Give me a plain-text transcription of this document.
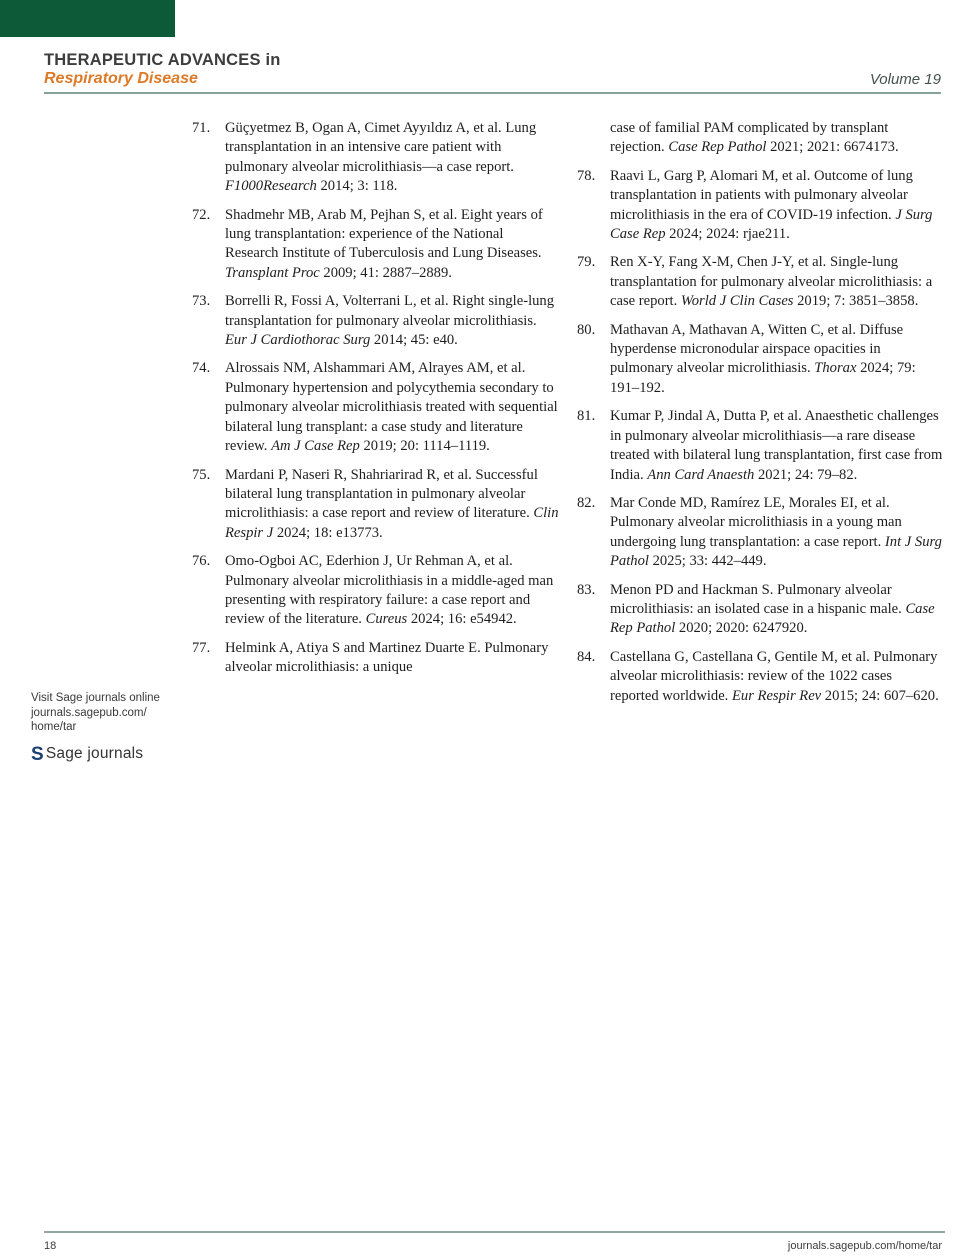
THERAPEUTIC ADVANCES in
Respiratory Disease	Volume 19
71. Güçyetmez B, Ogan A, Cimet Ayyıldız A, et al. Lung transplantation in an intensive care patient with pulmonary alveolar microlithiasis—a case report. F1000Research 2014; 3: 118.
72. Shadmehr MB, Arab M, Pejhan S, et al. Eight years of lung transplantation: experience of the National Research Institute of Tuberculosis and Lung Diseases. Transplant Proc 2009; 41: 2887–2889.
73. Borrelli R, Fossi A, Volterrani L, et al. Right single-lung transplantation for pulmonary alveolar microlithiasis. Eur J Cardiothorac Surg 2014; 45: e40.
74. Alrossais NM, Alshammari AM, Alrayes AM, et al. Pulmonary hypertension and polycythemia secondary to pulmonary alveolar microlithiasis treated with sequential bilateral lung transplant: a case study and literature review. Am J Case Rep 2019; 20: 1114–1119.
75. Mardani P, Naseri R, Shahriarirad R, et al. Successful bilateral lung transplantation in pulmonary alveolar microlithiasis: a case report and review of literature. Clin Respir J 2024; 18: e13773.
76. Omo-Ogboi AC, Ederhion J, Ur Rehman A, et al. Pulmonary alveolar microlithiasis in a middle-aged man presenting with respiratory failure: a case report and review of the literature. Cureus 2024; 16: e54942.
77. Helmink A, Atiya S and Martinez Duarte E. Pulmonary alveolar microlithiasis: a unique
case of familial PAM complicated by transplant rejection. Case Rep Pathol 2021; 2021: 6674173.
78. Raavi L, Garg P, Alomari M, et al. Outcome of lung transplantation in patients with pulmonary alveolar microlithiasis in the era of COVID-19 infection. J Surg Case Rep 2024; 2024: rjae211.
79. Ren X-Y, Fang X-M, Chen J-Y, et al. Single-lung transplantation for pulmonary alveolar microlithiasis: a case report. World J Clin Cases 2019; 7: 3851–3858.
80. Mathavan A, Mathavan A, Witten C, et al. Diffuse hyperdense micronodular airspace opacities in pulmonary alveolar microlithiasis. Thorax 2024; 79: 191–192.
81. Kumar P, Jindal A, Dutta P, et al. Anaesthetic challenges in pulmonary alveolar microlithiasis—a rare disease treated with bilateral lung transplantation, first case from India. Ann Card Anaesth 2021; 24: 79–82.
82. Mar Conde MD, Ramírez LE, Morales EI, et al. Pulmonary alveolar microlithiasis in a young man undergoing lung transplantation: a case report. Int J Surg Pathol 2025; 33: 442–449.
83. Menon PD and Hackman S. Pulmonary alveolar microlithiasis: an isolated case in a hispanic male. Case Rep Pathol 2020; 2020: 6247920.
84. Castellana G, Castellana G, Gentile M, et al. Pulmonary alveolar microlithiasis: review of the 1022 cases reported worldwide. Eur Respir Rev 2015; 24: 607–620.
Visit Sage journals online
journals.sagepub.com/
home/tar
S Sage journals
18	journals.sagepub.com/home/tar
